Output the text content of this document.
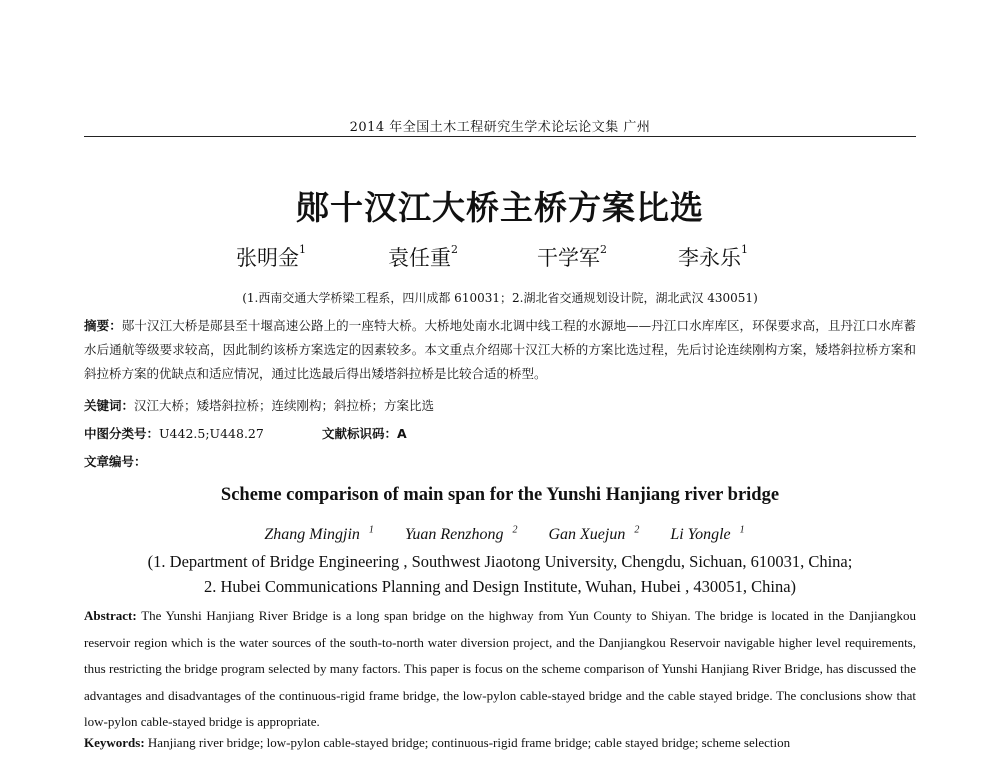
2014 年全国土木工程研究生学术论坛论文集 广州
郧十汉江大桥主桥方案比选
张明金$^1$	袁任重$^2$	干学军$^2$	李永乐$^1$
(1.西南交通大学桥梁工程系，四川成都 610031；2.湖北省交通规划设计院，湖北武汉 430051)
摘要：郧十汉江大桥是郧县至十堰高速公路上的一座特大桥。大桥地处南水北调中线工程的水源地——丹江口水库库区，环保要求高，且丹江口水库蓄水后通航等级要求较高，因此制约该桥方案选定的因素较多。本文重点介绍郧十汉江大桥的方案比选过程，先后讨论连续刚构方案，矮塔斜拉桥方案和斜拉桥方案的优缺点和适应情况，通过比选最后得出矮塔斜拉桥是比较合适的桥型。
关键词：汉江大桥；矮塔斜拉桥；连续刚构；斜拉桥；方案比选
中图分类号：U442.5;U448.27	文献标识码：A
文章编号：
Scheme comparison of main span for the Yunshi Hanjiang river bridge
Zhang Mingjin $^1$ Yuan Renzhong $^2$ Gan Xuejun $^2$ Li Yongle $^1$
(1. Department of Bridge Engineering , Southwest Jiaotong University, Chengdu, Sichuan, 610031, China;
2. Hubei Communications Planning and Design Institute, Wuhan, Hubei , 430051, China)
Abstract: The Yunshi Hanjiang River Bridge is a long span bridge on the highway from Yun County to Shiyan. The bridge is located in the Danjiangkou reservoir region which is the water sources of the south-to-north water diversion project, and the Danjiangkou Reservoir navigable higher level requirements, thus restricting the bridge program selected by many factors. This paper is focus on the scheme comparison of Yunshi Hanjiang River Bridge, has discussed the advantages and disadvantages of the continuous-rigid frame bridge, the low-pylon cable-stayed bridge and the cable stayed bridge. The conclusions show that low-pylon cable-stayed bridge is appropriate.
Keywords: Hanjiang river bridge; low-pylon cable-stayed bridge; continuous-rigid frame bridge; cable stayed bridge; scheme selection
